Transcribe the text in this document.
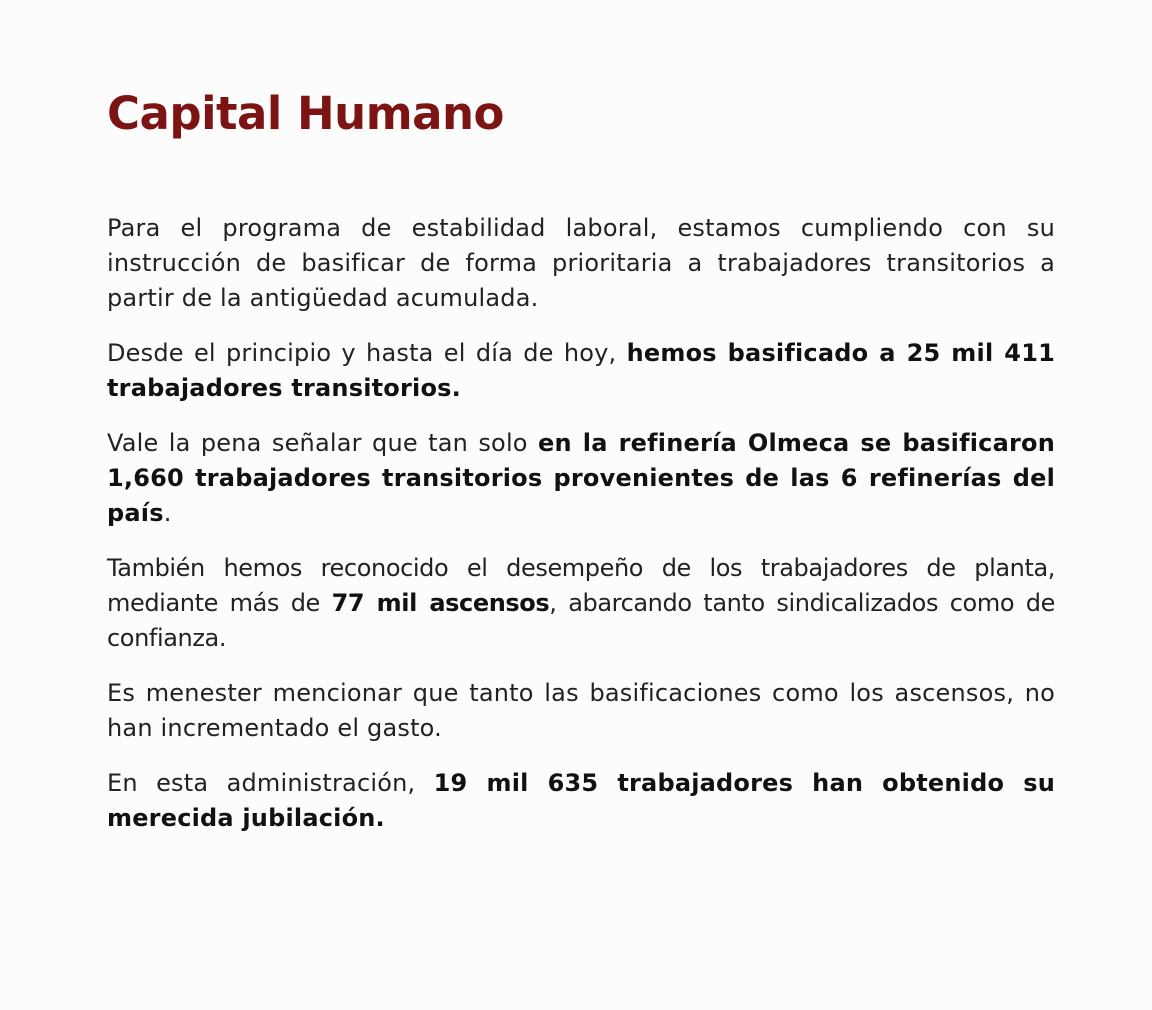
Capital Humano

Para el programa de estabilidad laboral, estamos cumpliendo con su instrucción de basificar de forma prioritaria a trabajadores transitorios a partir de la antigüedad acumulada.

Desde el principio y hasta el día de hoy, hemos basificado a 25 mil 411 trabajadores transitorios.

Vale la pena señalar que tan solo en la refinería Olmeca se basificaron 1,660 trabajadores transitorios provenientes de las 6 refinerías del país.

También hemos reconocido el desempeño de los trabajadores de planta, mediante más de 77 mil ascensos, abarcando tanto sindicalizados como de confianza.

Es menester mencionar que tanto las basificaciones como los ascensos, no han incrementado el gasto.

En esta administración, 19 mil 635 trabajadores han obtenido su merecida jubilación.
